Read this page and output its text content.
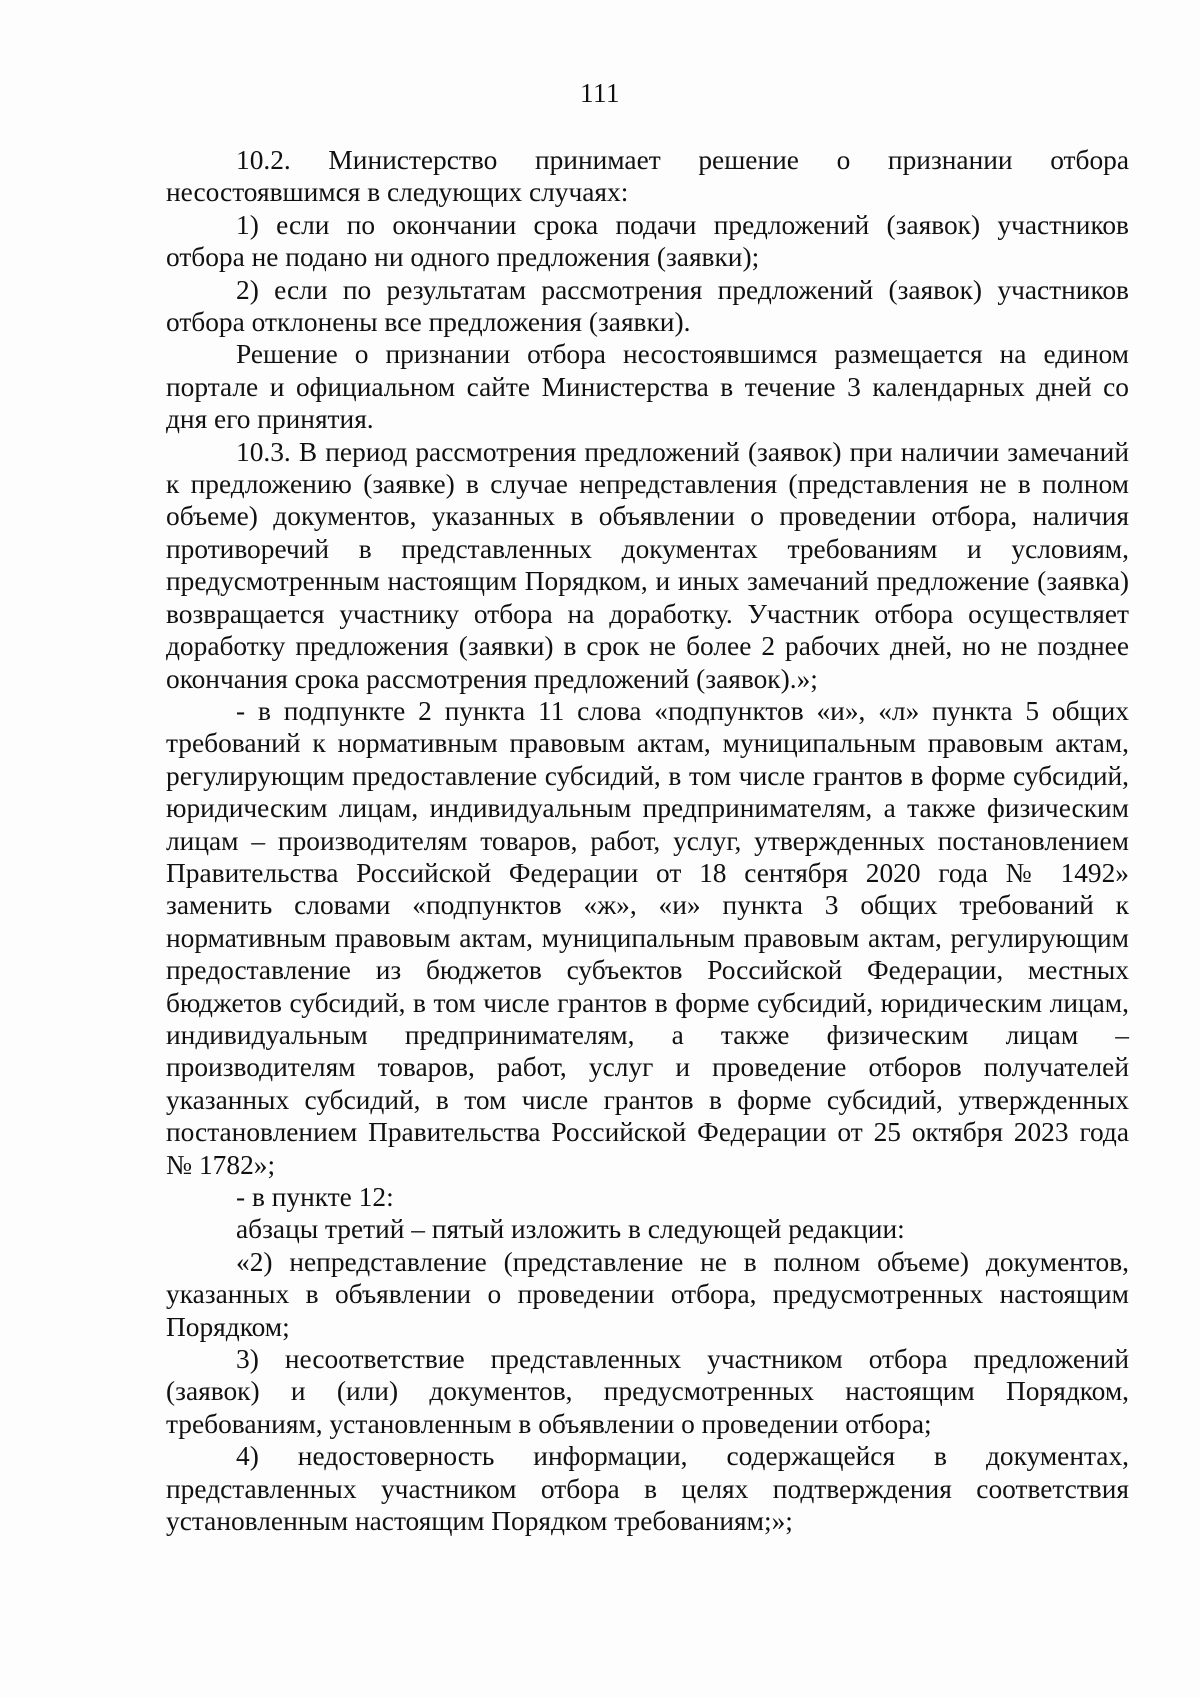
111

10.2. Министерство принимает решение о признании отбора несостоявшимся в следующих случаях:

1) если по окончании срока подачи предложений (заявок) участников отбора не подано ни одного предложения (заявки);

2) если по результатам рассмотрения предложений (заявок) участников отбора отклонены все предложения (заявки).

Решение о признании отбора несостоявшимся размещается на едином портале и официальном сайте Министерства в течение 3 календарных дней со дня его принятия.

10.3. В период рассмотрения предложений (заявок) при наличии замечаний к предложению (заявке) в случае непредставления (представления не в полном объеме) документов, указанных в объявлении о проведении отбора, наличия противоречий в представленных документах требованиям и условиям, предусмотренным настоящим Порядком, и иных замечаний предложение (заявка) возвращается участнику отбора на доработку. Участник отбора осуществляет доработку предложения (заявки) в срок не более 2 рабочих дней, но не позднее окончания срока рассмотрения предложений (заявок).»;

- в подпункте 2 пункта 11 слова «подпунктов «и», «л» пункта 5 общих требований к нормативным правовым актам, муниципальным правовым актам, регулирующим предоставление субсидий, в том числе грантов в форме субсидий, юридическим лицам, индивидуальным предпринимателям, а также физическим лицам – производителям товаров, работ, услуг, утвержденных постановлением Правительства Российской Федерации от 18 сентября 2020 года № 1492» заменить словами «подпунктов «ж», «и» пункта 3 общих требований к нормативным правовым актам, муниципальным правовым актам, регулирующим предоставление из бюджетов субъектов Российской Федерации, местных бюджетов субсидий, в том числе грантов в форме субсидий, юридическим лицам, индивидуальным предпринимателям, а также физическим лицам – производителям товаров, работ, услуг и проведение отборов получателей указанных субсидий, в том числе грантов в форме субсидий, утвержденных постановлением Правительства Российской Федерации от 25 октября 2023 года № 1782»;

- в пункте 12:

абзацы третий – пятый изложить в следующей редакции:

«2) непредставление (представление не в полном объеме) документов, указанных в объявлении о проведении отбора, предусмотренных настоящим Порядком;

3) несоответствие представленных участником отбора предложений (заявок) и (или) документов, предусмотренных настоящим Порядком, требованиям, установленным в объявлении о проведении отбора;

4) недостоверность информации, содержащейся в документах, представленных участником отбора в целях подтверждения соответствия установленным настоящим Порядком требованиям;»;
